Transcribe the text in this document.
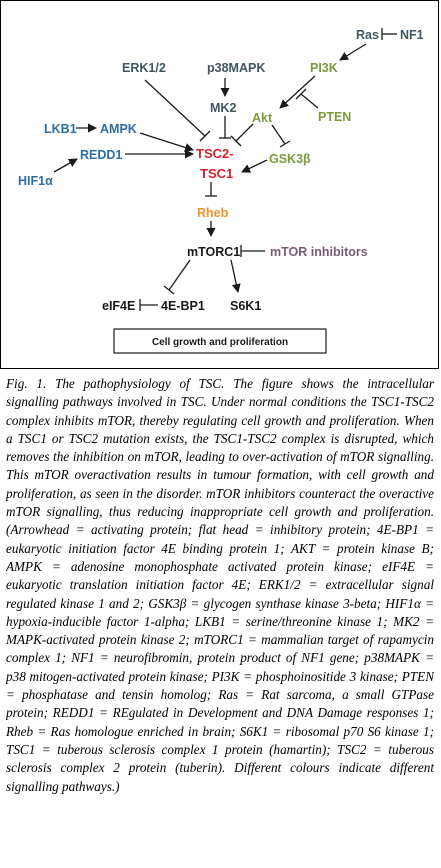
Ras NF1
PI3K
ERK1/2	p38MAPK
MK2
PTEN
Akt
LKB1 AMPK
REDD1
HIF1α
TSC2-
TSC1
GSK3β
Rheb
mTORC1 mTOR inhibitors
eIF4E 4E-BP1 S6K1
Cell growth and proliferation

Fig. 1. The pathophysiology of TSC. The figure shows the intracellular signalling pathways involved in TSC. Under normal conditions the TSC1-TSC2 complex inhibits mTOR, thereby regulating cell growth and proliferation. When a TSC1 or TSC2 mutation exists, the TSC1-TSC2 complex is disrupted, which removes the inhibition on mTOR, leading to over-activation of mTOR signalling. This mTOR overactivation results in tumour formation, with cell growth and proliferation, as seen in the disorder. mTOR inhibitors counteract the overactive mTOR signalling, thus reducing inappropriate cell growth and proliferation. (Arrowhead = activating protein; flat head = inhibitory protein; 4E-BP1 = eukaryotic initiation factor 4E binding protein 1; AKT = protein kinase B; AMPK = adenosine monophosphate activated protein kinase; eIF4E = eukaryotic translation initiation factor 4E; ERK1/2 = extracellular signal regulated kinase 1 and 2; GSK3β = glycogen synthase kinase 3-beta; HIF1α = hypoxia-inducible factor 1-alpha; LKB1 = serine/threonine kinase 1; MK2 = MAPK-activated protein kinase 2; mTORC1 = mammalian target of rapamycin complex 1; NF1 = neurofibromin, protein product of NF1 gene; p38MAPK = p38 mitogen-activated protein kinase; PI3K = phosphoinositide 3 kinase; PTEN = phosphatase and tensin homolog; Ras = Rat sarcoma, a small GTPase protein; REDD1 = REgulated in Development and DNA Damage responses 1; Rheb = Ras homologue enriched in brain; S6K1 = ribosomal p70 S6 kinase 1; TSC1 = tuberous sclerosis complex 1 protein (hamartin); TSC2 = tuberous sclerosis complex 2 protein (tuberin). Different colours indicate different signalling pathways.)
